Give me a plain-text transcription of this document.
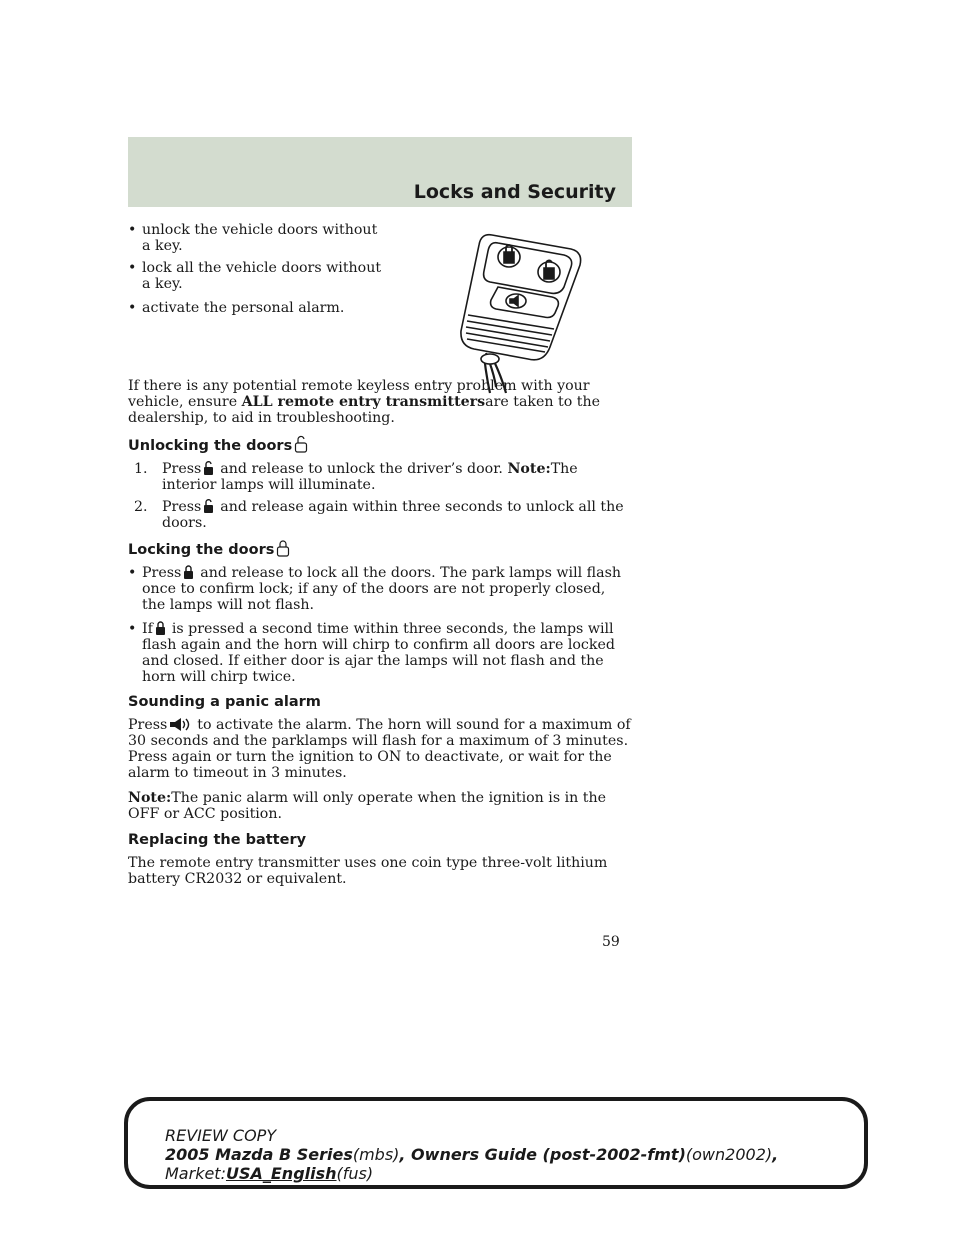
Locks and Security
• unlock the vehicle doors without a key.
• lock all the vehicle doors without a key.
• activate the personal alarm.

If there is any potential remote keyless entry problem with your vehicle, ensure ALL remote entry transmittersare taken to the dealership, to aid in troubleshooting.

Unlocking the doors
1. Press and release to unlock the driver’s door. Note:The interior lamps will illuminate.
2. Press and release again within three seconds to unlock all the doors.
Locking the doors
• Press and release to lock all the doors. The park lamps will flash once to confirm lock; if any of the doors are not properly closed, the lamps will not flash.
• If is pressed a second time within three seconds, the lamps will flash again and the horn will chirp to confirm all doors are locked and closed. If either door is ajar the lamps will not flash and the horn will chirp twice.
Sounding a panic alarm

Press to activate the alarm. The horn will sound for a maximum of 30 seconds and the parklamps will flash for a maximum of 3 minutes. Press again or turn the ignition to ON to deactivate, or wait for the alarm to timeout in 3 minutes.

Note:The panic alarm will only operate when the ignition is in the OFF or ACC position.

Replacing the battery

The remote entry transmitter uses one coin type three-volt lithium battery CR2032 or equivalent.

59
REVIEW COPY
2005 Mazda B Series(mbs), Owners Guide (post-2002-fmt)(own2002),
Market:USA_English(fus)
